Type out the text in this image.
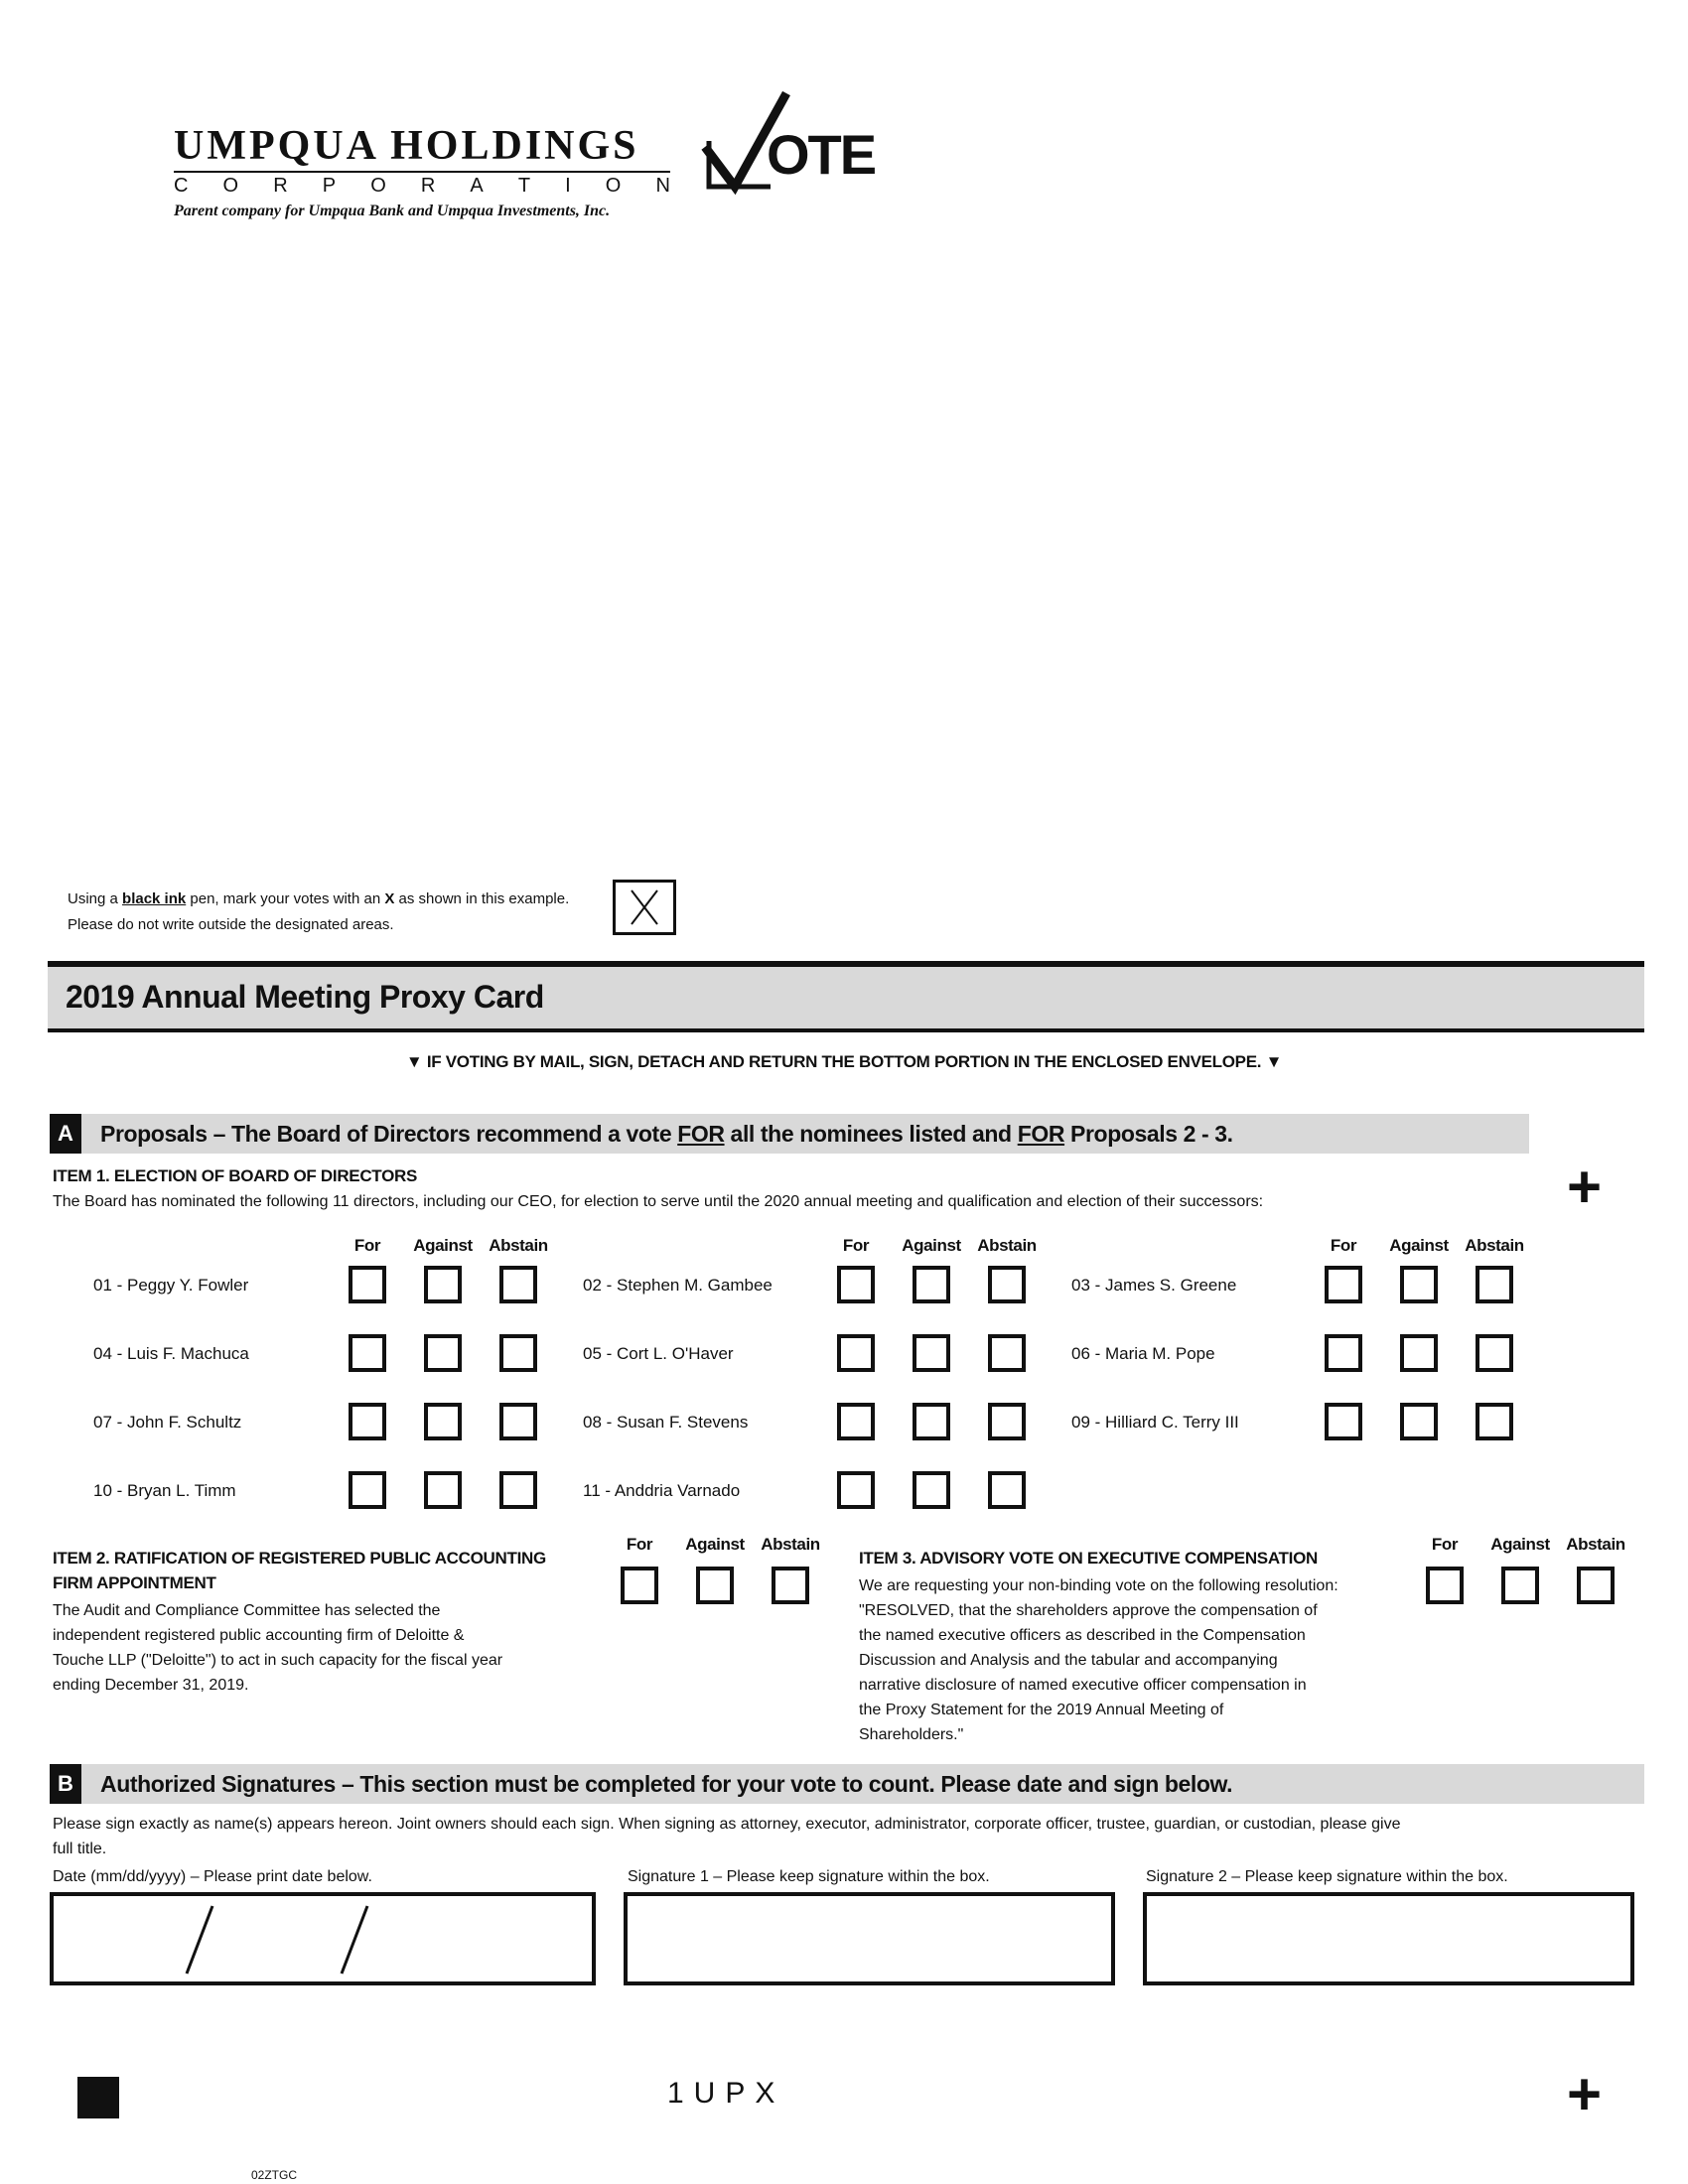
UMPQUA HOLDINGS
C O R P O R A T I O N
Parent company for Umpqua Bank and Umpqua Investments, Inc.
OTE
Using a black ink pen, mark your votes with an X as shown in this example.
Please do not write outside the designated areas.
2019 Annual Meeting Proxy Card
▼ IF VOTING BY MAIL, SIGN, DETACH AND RETURN THE BOTTOM PORTION IN THE ENCLOSED ENVELOPE. ▼
A	Proposals – The Board of Directors recommend a vote FOR all the nominees listed and FOR Proposals 2 - 3.
+
ITEM 1. ELECTION OF BOARD OF DIRECTORS
The Board has nominated the following 11 directors, including our CEO, for election to serve until the 2020 annual meeting and qualification and election of their successors:
For	Against Abstain	For	Against Abstain	For	Against Abstain
01 - Peggy Y. Fowler	02 - Stephen M. Gambee	03 - James S. Greene
04 - Luis F. Machuca	05 - Cort L. O'Haver	06 - Maria M. Pope
07 - John F. Schultz	08 - Susan F. Stevens	09 - Hilliard C. Terry III
10 - Bryan L. Timm	11 - Anddria Varnado
ITEM 2. RATIFICATION OF REGISTERED PUBLIC ACCOUNTING
FIRM APPOINTMENT
The Audit and Compliance Committee has selected the
independent registered public accounting firm of Deloitte &
Touche LLP ("Deloitte") to act in such capacity for the fiscal year
ending December 31, 2019.
For	Against Abstain
ITEM 3. ADVISORY VOTE ON EXECUTIVE COMPENSATION
We are requesting your non-binding vote on the following resolution:
"RESOLVED, that the shareholders approve the compensation of
the named executive officers as described in the Compensation
Discussion and Analysis and the tabular and accompanying
narrative disclosure of named executive officer compensation in
the Proxy Statement for the 2019 Annual Meeting of
Shareholders."
For	Against Abstain
B	Authorized Signatures – This section must be completed for your vote to count. Please date and sign below.
Please sign exactly as name(s) appears hereon. Joint owners should each sign. When signing as attorney, executor, administrator, corporate officer, trustee, guardian, or custodian, please give
full title.
Date (mm/dd/yyyy) – Please print date below.	Signature 1 – Please keep signature within the box.	Signature 2 – Please keep signature within the box.
1UPX	+
02ZTGC
